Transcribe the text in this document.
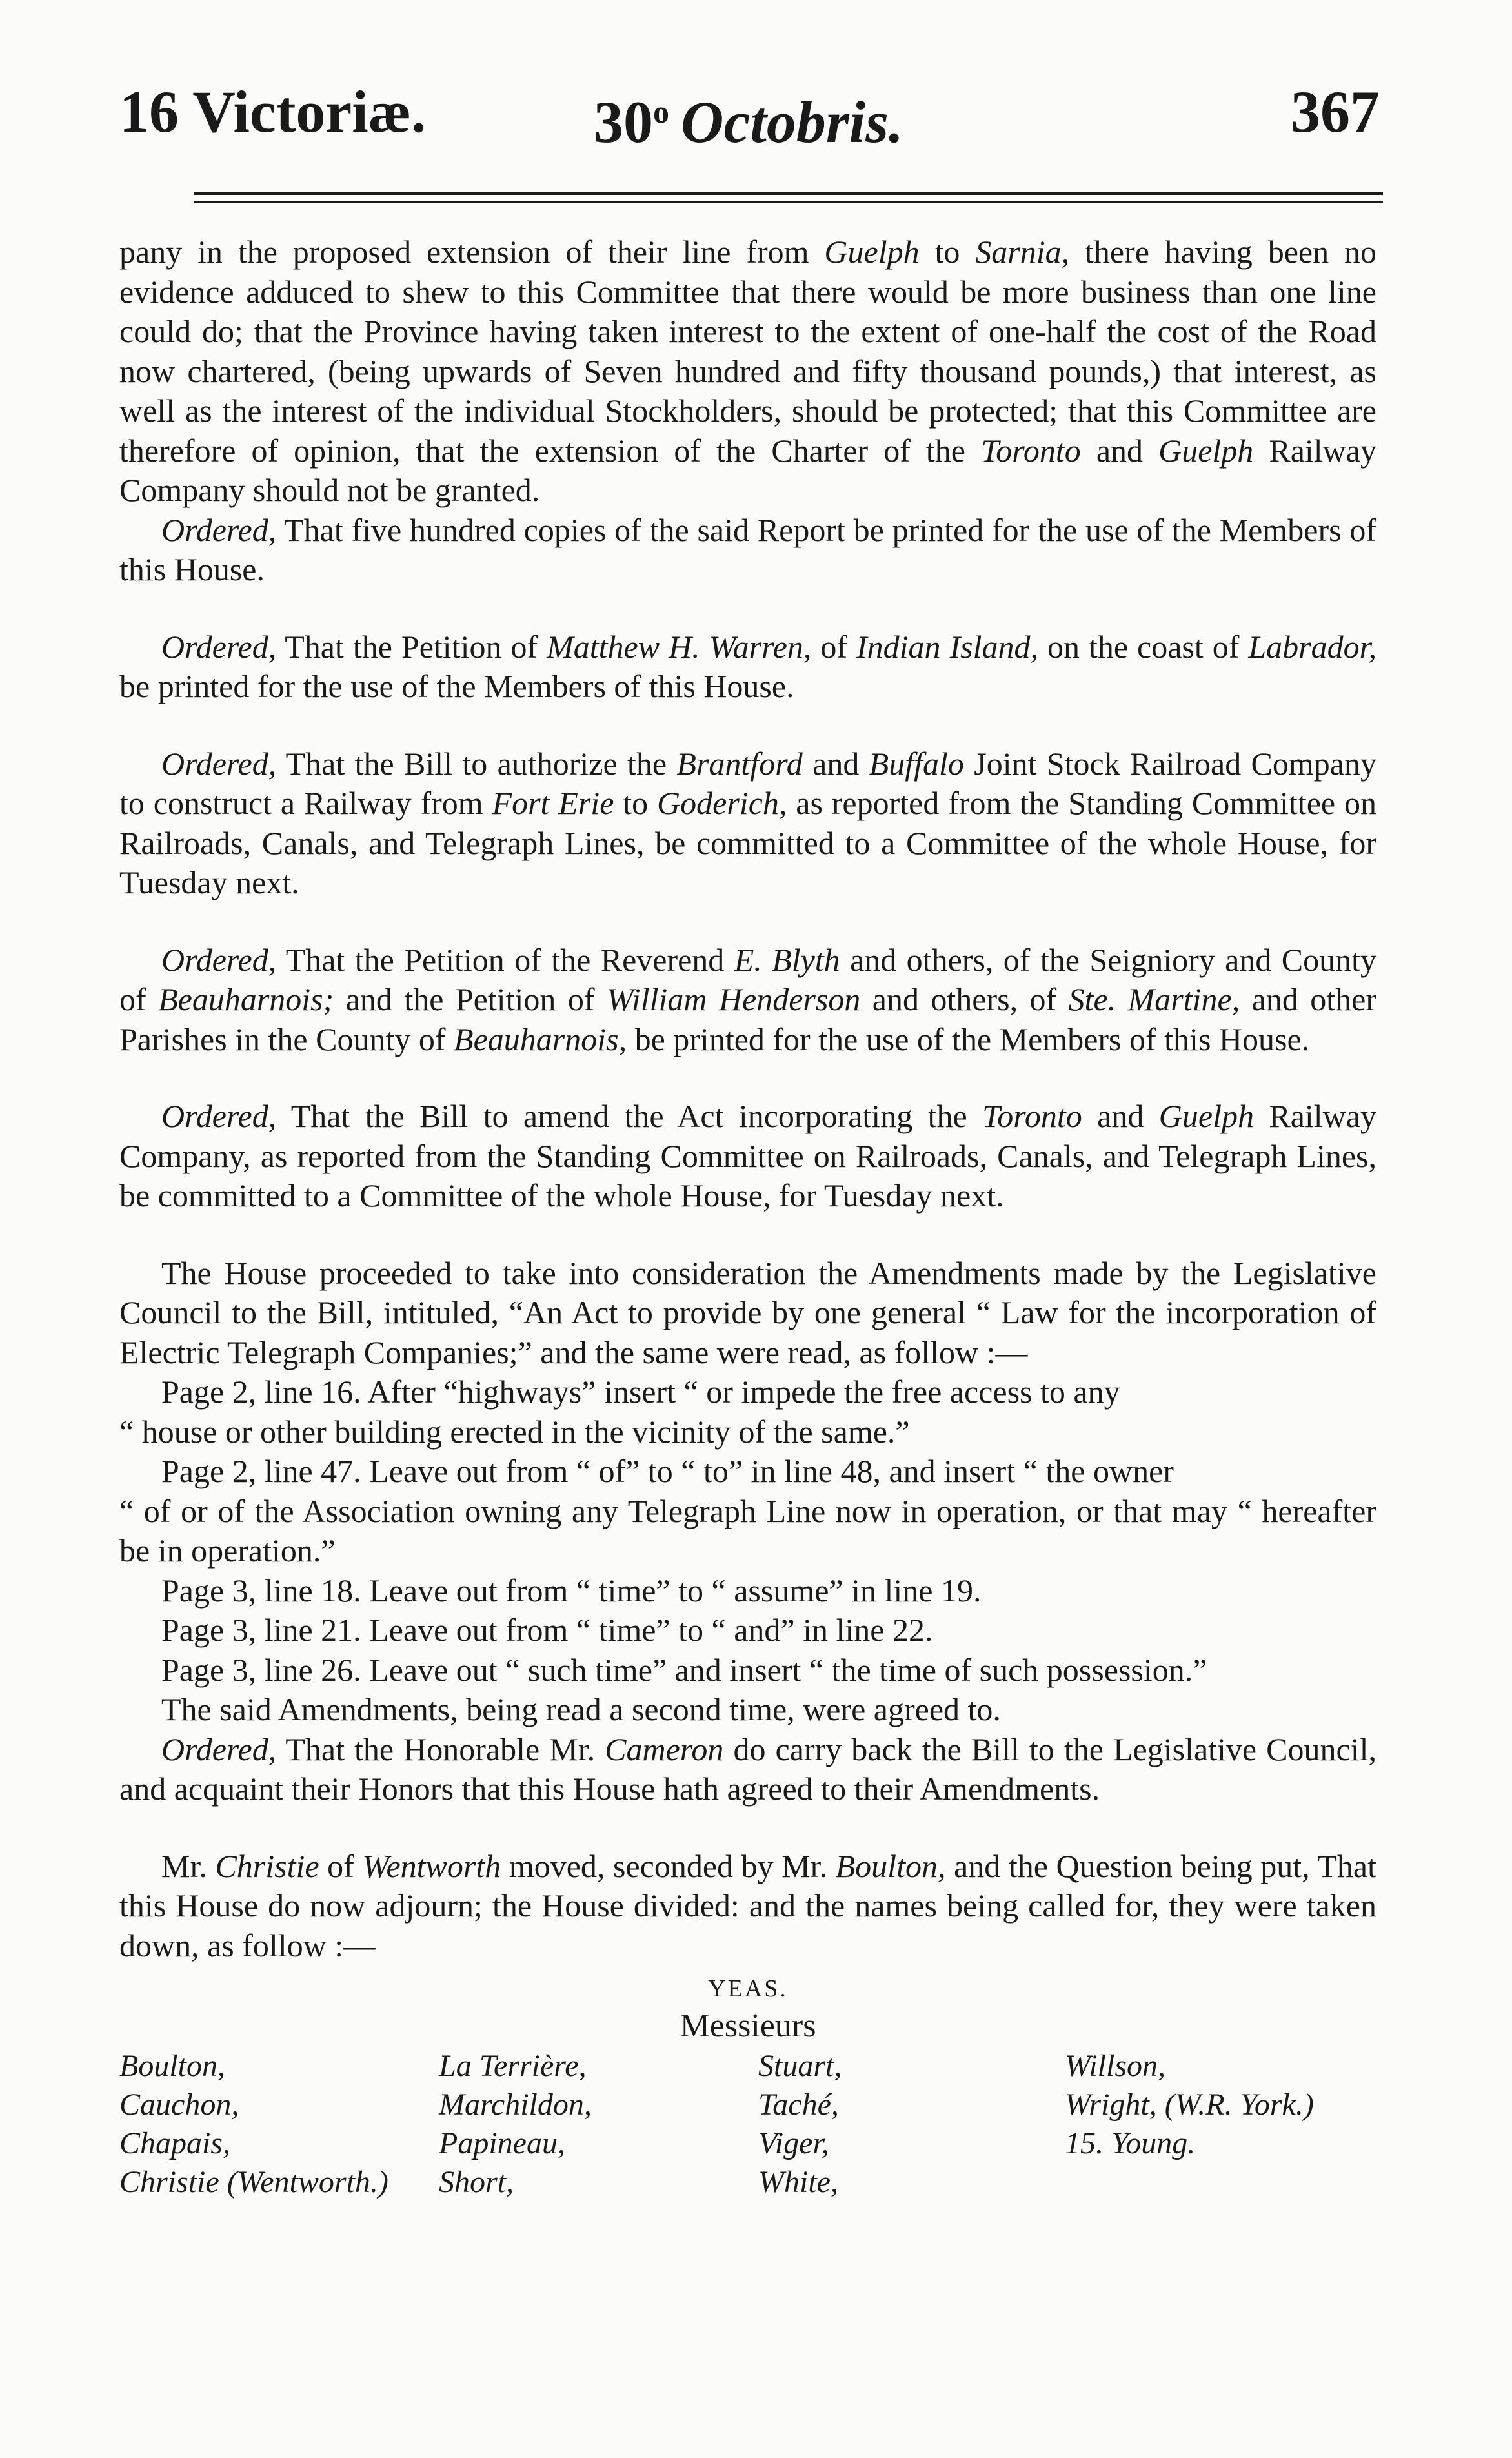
16 Victoriæ.	30$^o$ Octobris.	367

pany in the proposed extension of their line from Guelph to Sarnia, there having been no evidence adduced to shew to this Committee that there would be more business than one line could do; that the Province having taken interest to the extent of one-half the cost of the Road now chartered, (being upwards of Seven hundred and fifty thousand pounds,) that interest, as well as the interest of the individual Stockholders, should be protected; that this Committee are therefore of opinion, that the extension of the Charter of the Toronto and Guelph Railway Company should not be granted.

Ordered, That five hundred copies of the said Report be printed for the use of the Members of this House.

Ordered, That the Petition of Matthew H. Warren, of Indian Island, on the coast of Labrador, be printed for the use of the Members of this House.

Ordered, That the Bill to authorize the Brantford and Buffalo Joint Stock Railroad Company to construct a Railway from Fort Erie to Goderich, as reported from the Standing Committee on Railroads, Canals, and Telegraph Lines, be committed to a Committee of the whole House, for Tuesday next.

Ordered, That the Petition of the Reverend E. Blyth and others, of the Seigniory and County of Beauharnois; and the Petition of William Henderson and others, of Ste. Martine, and other Parishes in the County of Beauharnois, be printed for the use of the Members of this House.

Ordered, That the Bill to amend the Act incorporating the Toronto and Guelph Railway Company, as reported from the Standing Committee on Railroads, Canals, and Telegraph Lines, be committed to a Committee of the whole House, for Tuesday next.

The House proceeded to take into consideration the Amendments made by the Legislative Council to the Bill, intituled, “An Act to provide by one general “ Law for the incorporation of Electric Telegraph Companies;” and the same were read, as follow :—

Page 2, line 16. After “highways” insert “ or impede the free access to any

“ house or other building erected in the vicinity of the same.”

Page 2, line 47. Leave out from “ of” to “ to” in line 48, and insert “ the owner

“ of or of the Association owning any Telegraph Line now in operation, or that may “ hereafter be in operation.”

Page 3, line 18. Leave out from “ time” to “ assume” in line 19.

Page 3, line 21. Leave out from “ time” to “ and” in line 22.

Page 3, line 26. Leave out “ such time” and insert “ the time of such possession.”

The said Amendments, being read a second time, were agreed to.

Ordered, That the Honorable Mr. Cameron do carry back the Bill to the Legislative Council, and acquaint their Honors that this House hath agreed to their Amendments.

Mr. Christie of Wentworth moved, seconded by Mr. Boulton, and the Question being put, That this House do now adjourn; the House divided: and the names being called for, they were taken down, as follow :—

YEAS.
Messieurs
Boulton,	La Terrière,	Stuart,	Willson,
Cauchon,	Marchildon,	Taché,	Wright, (W.R. York.)
Chapais,	Papineau,	Viger,	15. Young.
Christie (Wentworth.)	Short,	White,
